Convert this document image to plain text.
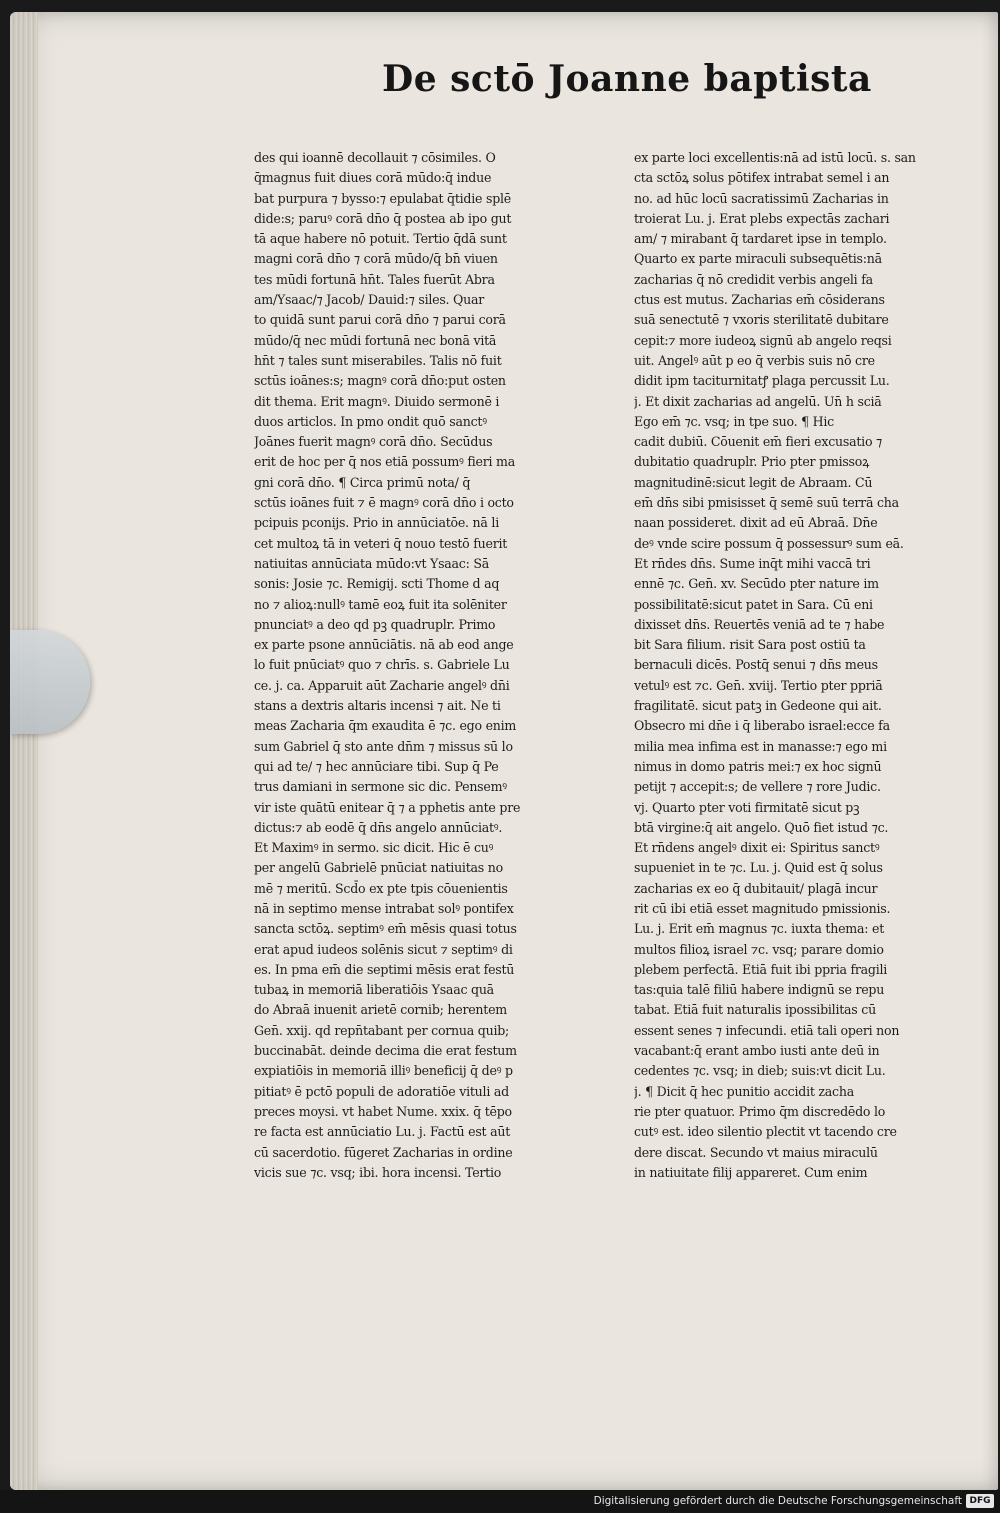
De sctō Joanne baptista
des qui ioannē decollauit ⁊ cōsimiles. O
q̄magnus fuit diues corā mūdo:q̄ indue
bat purpura ⁊ bysso:⁊ epulabat q̄tidie splē
dide:s; paruꝰ corā dn̄o q̄ postea ab ipo gut
tā aque habere nō potuit. Tertio q̄dā sunt
magni corā dn̄o ⁊ corā mūdo/q̄ bn̄ viuen
tes mūdi fortunā hn̄t. Tales fuerūt Abra
am/Ysaac/⁊ Jacob/ Dauid:⁊ siles. Quar
to quidā sunt parui corā dn̄o ⁊ parui corā
mūdo/q̄ nec mūdi fortunā nec bonā vitā
hn̄t ⁊ tales sunt miserabiles. Talis nō fuit
sctūs ioānes:s; magnꝰ corā dn̄o:put osten
dit thema. Erit magnꝰ. Diuido sermonē i
duos articlos. In pmo ondit quō sanctꝰ
Joānes fuerit magnꝰ corā dn̄o. Secūdus
erit de hoc per q̄ nos etiā possumꝰ fieri ma
gni corā dn̄o. ¶ Circa primū nota/ q̄
sctūs ioānes fuit ⁊ ē magnꝰ corā dn̄o i octo
pcipuis pconijs. Prio in annūciatōe. nā li
cet multoꝝ tā in veteri q̄ nouo testō fuerit
natiuitas annūciata mūdo:vt Ysaac: Sā
sonis: Josie ⁊c. Remigij. scti Thome d aq
no ⁊ alioꝝ:nullꝰ tamē eoꝝ fuit ita solēniter
pnunciatꝰ a deo qd pꝫ quadruplr. Primo
ex parte psone annūciātis. nā ab eod ange
lo fuit pnūciatꝰ quo ⁊ chrīs. s. Gabriele Lu
ce. j. ca. Apparuit aūt Zacharie angelꝰ dn̄i
stans a dextris altaris incensi ⁊ ait. Ne ti
meas Zacharia q̄m exaudita ē ⁊c. ego enim
sum Gabriel q̄ sto ante dn̄m ⁊ missus sū lo
qui ad te/ ⁊ hec annūciare tibi. Sup q̄ Pe
trus damiani in sermone sic dic. Pensemꝰ
vir iste quātū enitear q̄ ⁊ a pphetis ante pre
dictus:⁊ ab eodē q̄ dn̄s angelo annūciatꝰ.
Et Maximꝰ in sermo. sic dicit. Hic ē cuꝰ
per angelū Gabrielē pnūciat natiuitas no
mē ⁊ meritū. Scd̄o ex pte tpis cōuenientis
nā in septimo mense intrabat solꝰ pontifex
sancta sctōꝝ. septimꝰ em̄ mēsis quasi totus
erat apud iudeos solēnis sicut ⁊ septimꝰ di
es. In pma em̄ die septimi mēsis erat festū
tubaꝝ in memoriā liberatiōis Ysaac quā
do Abraā inuenit arietē cornib; herentem
Gen̄. xxij. qd repn̄tabant per cornua quib;
buccinabāt. deinde decima die erat festum
expiatiōis in memoriā illiꝰ beneficij q̄ deꝰ p
pitiatꝰ ē pctō populi de adoratiōe vituli ad
preces moysi. vt habet Nume. xxix. q̄ tēpo
re facta est annūciatio Lu. j. Factū est aūt
cū sacerdotio. fūgeret Zacharias in ordine
vicis sue ⁊c. vsq; ibi. hora incensi. Tertio
ex parte loci excellentis:nā ad istū locū. s. san
cta sctōꝝ solus pōtifex intrabat semel i an
no. ad hūc locū sacratissimū Zacharias in
troierat Lu. j. Erat plebs expectās zachari
am/ ⁊ mirabant q̄ tardaret ipse in templo.
Quarto ex parte miraculi subsequētis:nā
zacharias q̄ nō credidit verbis angeli fa
ctus est mutus. Zacharias em̄ cōsiderans
suā senectutē ⁊ vxoris sterilitatē dubitare
cepit:⁊ more iudeoꝝ signū ab angelo reqsi
uit. Angelꝰ aūt p eo q̄ verbis suis nō cre
didit ipm taciturnitatꝭ plaga percussit Lu.
j. Et dixit zacharias ad angelū. Un̄ h sciā
Ego em̄ ⁊c. vsq; in tpe suo. ¶ Hic
cadit dubiū. Cōuenit em̄ fieri excusatio ⁊
dubitatio quadruplr. Prio pter pmissoꝝ
magnitudinē:sicut legit de Abraam. Cū
em̄ dn̄s sibi pmisisset q̄ semē suū terrā cha
naan possideret. dixit ad eū Abraā. Dn̄e
deꝰ vnde scire possum q̄ possessurꝰ sum eā.
Et rn̄des dn̄s. Sume inq̄t mihi vaccā tri
ennē ⁊c. Gen̄. xv. Secūdo pter nature im
possibilitatē:sicut patet in Sara. Cū eni
dixisset dn̄s. Reuertēs veniā ad te ⁊ habe
bit Sara filium. risit Sara post ostiū ta
bernaculi dicēs. Postq̄ senui ⁊ dn̄s meus
vetulꝰ est ⁊c. Gen̄. xviij. Tertio pter ppriā
fragilitatē. sicut patꝫ in Gedeone qui ait.
Obsecro mi dn̄e i q̄ liberabo israel:ecce fa
milia mea infima est in manasse:⁊ ego mi
nimus in domo patris mei:⁊ ex hoc signū
petijt ⁊ accepit:s; de vellere ⁊ rore Judic.
vj. Quarto pter voti firmitatē sicut pꝫ
btā virgine:q̄ ait angelo. Quō fiet istud ⁊c.
Et rn̄dens angelꝰ dixit ei: Spiritus sanctꝰ
supueniet in te ⁊c. Lu. j. Quid est q̄ solus
zacharias ex eo q̄ dubitauit/ plagā incur
rit cū ibi etiā esset magnitudo pmissionis.
Lu. j. Erit em̄ magnus ⁊c. iuxta thema: et
multos filioꝝ israel ⁊c. vsq; parare domio
plebem perfectā. Etiā fuit ibi ppria fragili
tas:quia talē filiū habere indignū se repu
tabat. Etiā fuit naturalis ipossibilitas cū
essent senes ⁊ infecundi. etiā tali operi non
vacabant:q̄ erant ambo iusti ante deū in
cedentes ⁊c. vsq; in dieb; suis:vt dicit Lu.
j. ¶ Dicit q̄ hec punitio accidit zacha
rie pter quatuor. Primo q̄m discredēdo lo
cutꝰ est. ideo silentio plectit vt tacendo cre
dere discat. Secundo vt maius miraculū
in natiuitate filij appareret. Cum enim
Digitalisierung gefördert durch die Deutsche Forschungsgemeinschaft DFG
